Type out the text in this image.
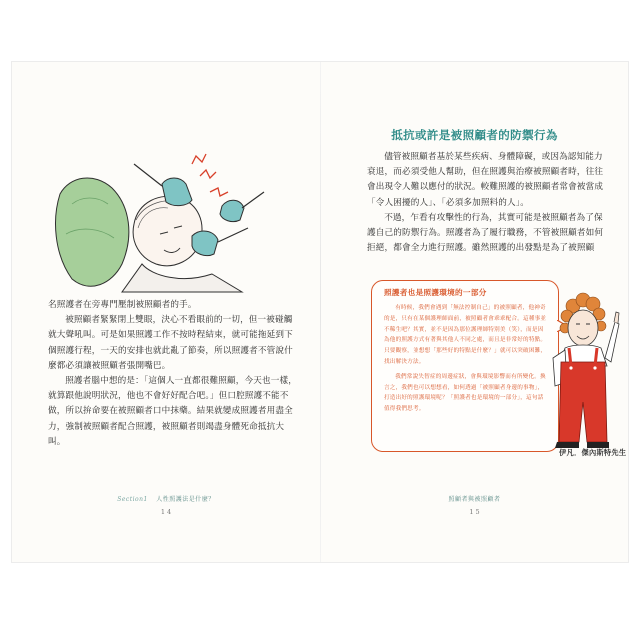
名照護者在旁專門壓制被照顧者的手。

被照顧者緊緊閉上雙眼，決心不看眼前的一切，但一被碰觸就大聲吼叫。可是如果照護工作不按時程結束，就可能拖延到下個照護行程，一天的安排也就此亂了節奏，所以照護者不管說什麼都必須讓被照顧者張開嘴巴。

照護者腦中想的是：「這個人一直都很難照顧，今天也一樣，就算跟他說明狀況，他也不會好好配合吧。」但口腔照護不能不做，所以拚命要在被照顧者口中抹藥。結果就變成照護者用盡全力，強制被照顧者配合照護，被照顧者則竭盡身體死命抵抗大叫。

Section1 人性照護法是什麼？
1 4
抵抗或許是被照顧者的防禦行為

儘管被照顧者基於某些疾病、身體障礙，或因為認知能力衰退，而必須受他人幫助，但在照護與治療被照顧者時，往往會出現令人難以應付的狀況。較難照護的被照顧者常會被當成「令人困擾的人」、「必須多加照料的人」。

不過，乍看有攻擊性的行為，其實可能是被照顧者為了保護自己的防禦行為。照護者為了履行職務，不管被照顧者如何拒絕，都會全力進行照護。雖然照護的出發點是為了被照顧

照護者也是照護環境的一部分

有時候，我們會遇到「無法控制自己」的被照顧者，他神奇的是，只有在某個護理師面前，被照顧者會乖乖配合。這種事並不稀生吧？其實，並不是因為那位護理師特別美（笑），而是因為他的照護方式有著與其他人不同之處，而且是非常好的特點。只要觀察，並想想「那些好的特點是什麼？」就可以突破困難，找出解決方法。

我們常說失智症的周邊症狀，會與環境影響而有所變化。換言之，我們也可以想想看，如何透過「被照顧者身邊的事物」，打造出好的照護環境呢？「照護者也是環境的一部分」，這句話值得我們思考。

伊凡．傑內斯特先生
照顧者與被照顧者
1 5
